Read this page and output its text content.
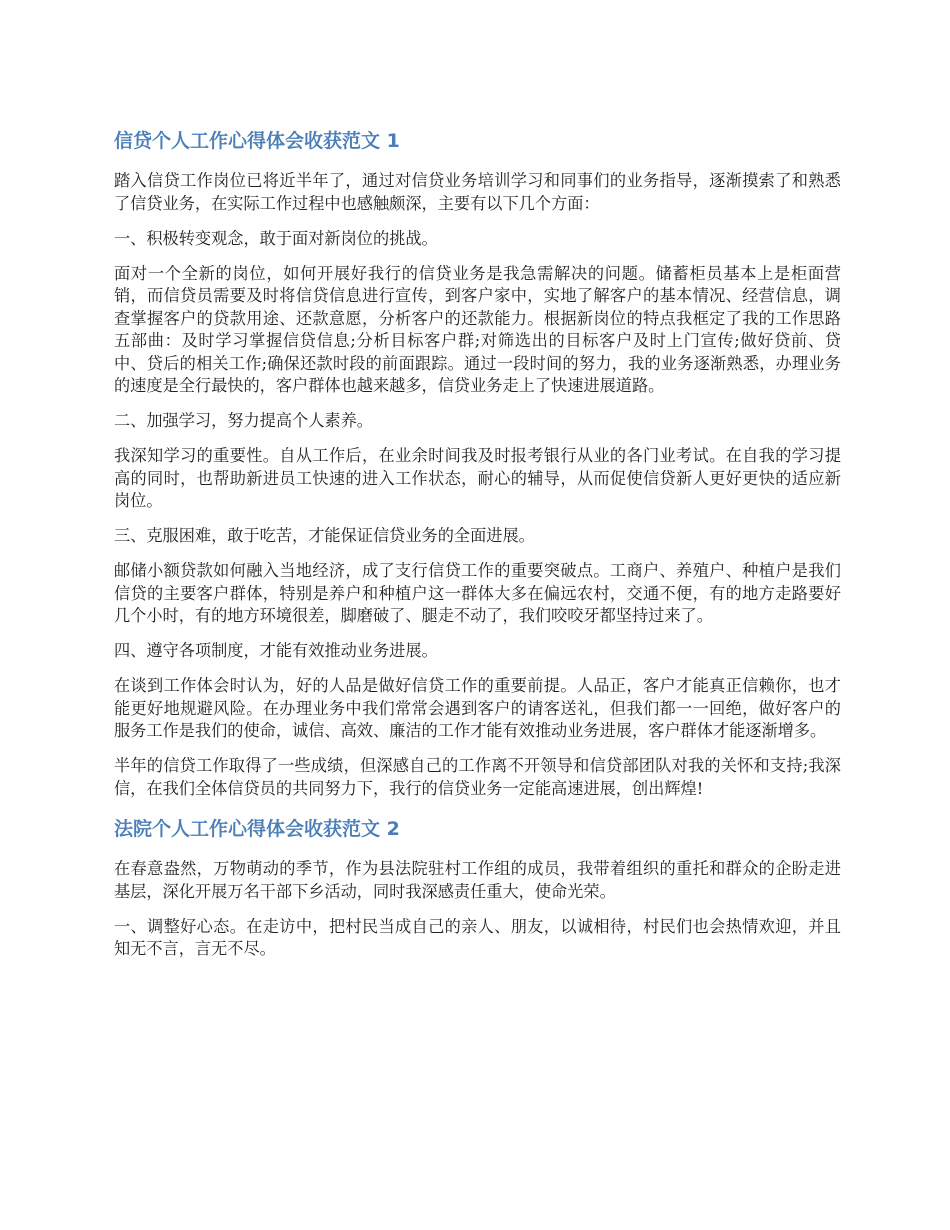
信贷个人工作心得体会收获范文 1

踏入信贷工作岗位已将近半年了，通过对信贷业务培训学习和同事们的业务指导，逐渐摸索了和熟悉了信贷业务，在实际工作过程中也感触颇深，主要有以下几个方面：

一、积极转变观念，敢于面对新岗位的挑战。

面对一个全新的岗位，如何开展好我行的信贷业务是我急需解决的问题。储蓄柜员基本上是柜面营销，而信贷员需要及时将信贷信息进行宣传，到客户家中，实地了解客户的基本情况、经营信息，调查掌握客户的贷款用途、还款意愿，分析客户的还款能力。根据新岗位的特点我框定了我的工作思路五部曲：及时学习掌握信贷信息;分析目标客户群;对筛选出的目标客户及时上门宣传;做好贷前、贷中、贷后的相关工作;确保还款时段的前面跟踪。通过一段时间的努力，我的业务逐渐熟悉，办理业务的速度是全行最快的，客户群体也越来越多，信贷业务走上了快速进展道路。

二、加强学习，努力提高个人素养。

我深知学习的重要性。自从工作后，在业余时间我及时报考银行从业的各门业考试。在自我的学习提高的同时，也帮助新进员工快速的进入工作状态，耐心的辅导，从而促使信贷新人更好更快的适应新岗位。

三、克服困难，敢于吃苦，才能保证信贷业务的全面进展。

邮储小额贷款如何融入当地经济，成了支行信贷工作的重要突破点。工商户、养殖户、种植户是我们信贷的主要客户群体，特别是养户和种植户这一群体大多在偏远农村，交通不便，有的地方走路要好几个小时，有的地方环境很差，脚磨破了、腿走不动了，我们咬咬牙都坚持过来了。

四、遵守各项制度，才能有效推动业务进展。

在谈到工作体会时认为，好的人品是做好信贷工作的重要前提。人品正，客户才能真正信赖你，也才能更好地规避风险。在办理业务中我们常常会遇到客户的请客送礼，但我们都一一回绝，做好客户的服务工作是我们的使命，诚信、高效、廉洁的工作才能有效推动业务进展，客户群体才能逐渐增多。

半年的信贷工作取得了一些成绩，但深感自己的工作离不开领导和信贷部团队对我的关怀和支持;我深信，在我们全体信贷员的共同努力下，我行的信贷业务一定能高速进展，创出辉煌!

法院个人工作心得体会收获范文 2

在春意盎然，万物萌动的季节，作为县法院驻村工作组的成员，我带着组织的重托和群众的企盼走进基层，深化开展万名干部下乡活动，同时我深感责任重大，使命光荣。

一、调整好心态。在走访中，把村民当成自己的亲人、朋友，以诚相待，村民们也会热情欢迎，并且知无不言，言无不尽。
